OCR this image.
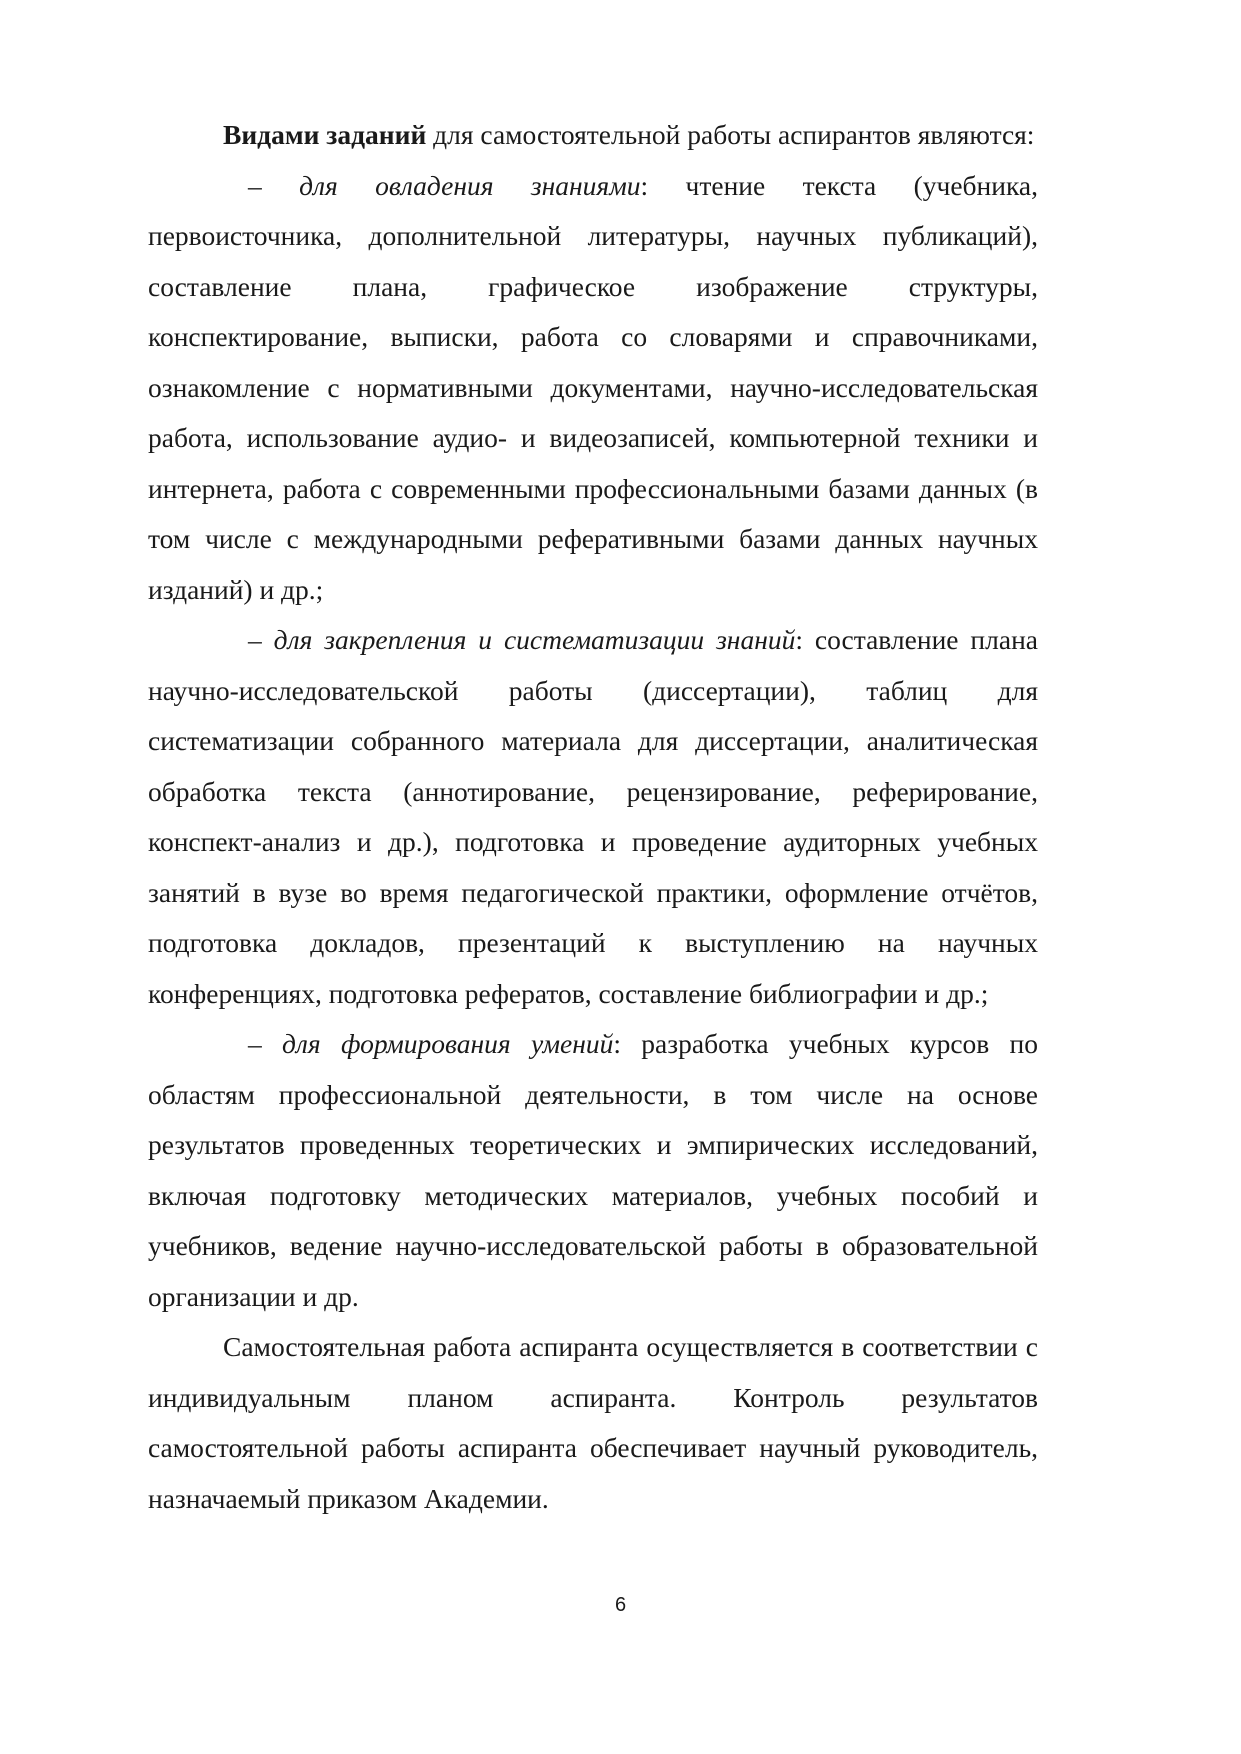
Видами заданий для самостоятельной работы аспирантов являются:

– для овладения знаниями: чтение текста (учебника, первоисточника, дополнительной литературы, научных публикаций), составление плана, графическое изображение структуры, конспектирование, выписки, работа со словарями и справочниками, ознакомление с нормативными документами, научно-исследовательская работа, использование аудио- и видеозаписей, компьютерной техники и интернета, работа с современными профессиональными базами данных (в том числе с международными реферативными базами данных научных изданий) и др.;

– для закрепления и систематизации знаний: составление плана научно-исследовательской работы (диссертации), таблиц для систематизации собранного материала для диссертации, аналитическая обработка текста (аннотирование, рецензирование, реферирование, конспект-анализ и др.), подготовка и проведение аудиторных учебных занятий в вузе во время педагогической практики, оформление отчётов, подготовка докладов, презентаций к выступлению на научных конференциях, подготовка рефератов, составление библиографии и др.;

– для формирования умений: разработка учебных курсов по областям профессиональной деятельности, в том числе на основе результатов проведенных теоретических и эмпирических исследований, включая подготовку методических материалов, учебных пособий и учебников, ведение научно-исследовательской работы в образовательной организации и др.

Самостоятельная работа аспиранта осуществляется в соответствии с индивидуальным планом аспиранта. Контроль результатов самостоятельной работы аспиранта обеспечивает научный руководитель, назначаемый приказом Академии.

6
